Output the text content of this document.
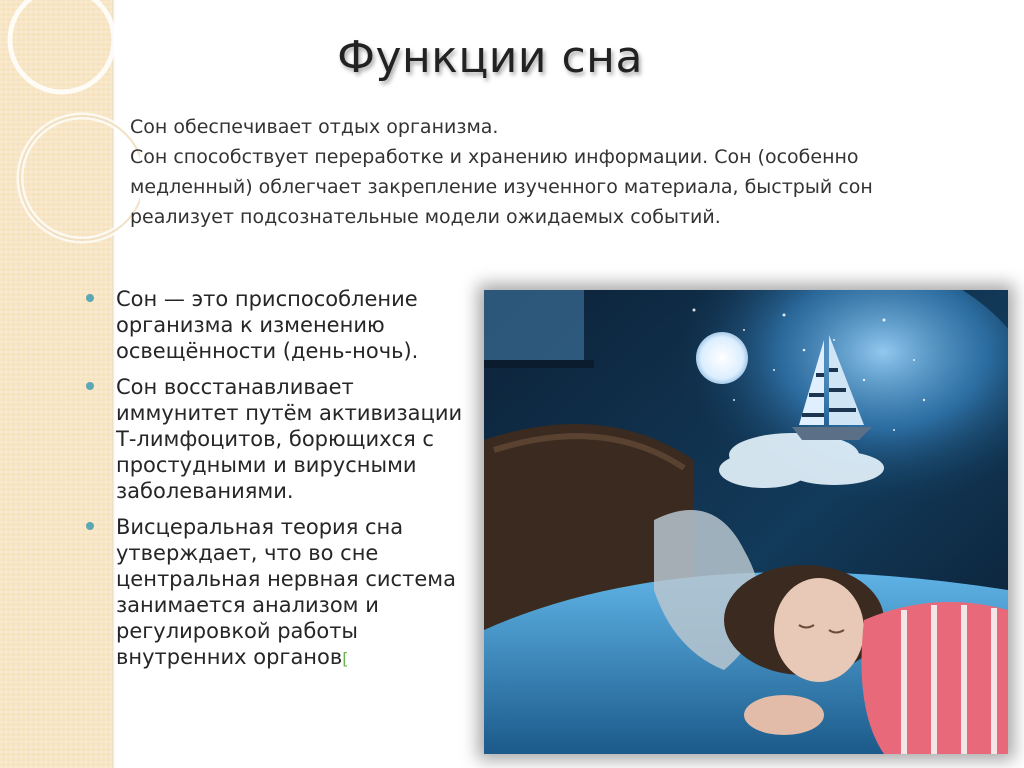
Функции сна

Сон обеспечивает отдых организма.

Сон способствует переработке и хранению информации. Сон (особенно медленный) облегчает закрепление изученного материала, быстрый сон реализует подсознательные модели ожидаемых событий.

Сон — это приспособление организма к изменению освещённости (день-ночь).
Сон восстанавливает иммунитет путём активизации Т-лимфоцитов, борющихся с простудными и вирусными заболеваниями.
Висцеральная теория сна утверждает, что во сне центральная нервная система занимается анализом и регулировкой работы внутренних органов[
